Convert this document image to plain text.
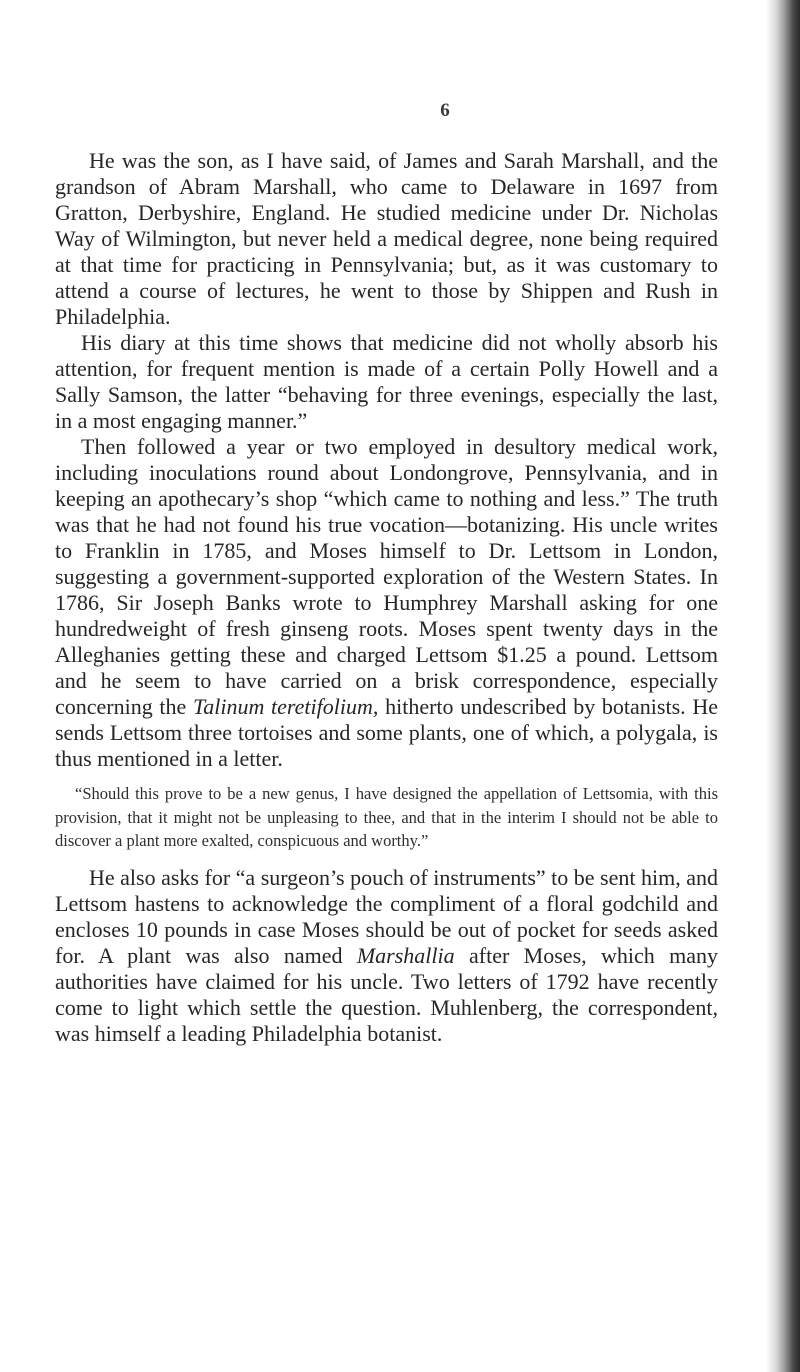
6

He was the son, as I have said, of James and Sarah Marshall, and the grandson of Abram Marshall, who came to Delaware in 1697 from Gratton, Derbyshire, England. He studied medicine under Dr. Nicholas Way of Wilmington, but never held a medical degree, none being required at that time for practicing in Pennsylvania; but, as it was customary to attend a course of lectures, he went to those by Shippen and Rush in Philadelphia.

His diary at this time shows that medicine did not wholly absorb his attention, for frequent mention is made of a certain Polly Howell and a Sally Samson, the latter “behaving for three evenings, especially the last, in a most engaging manner.”

Then followed a year or two employed in desultory medical work, including inoculations round about Londongrove, Pennsylvania, and in keeping an apothecary’s shop “which came to nothing and less.” The truth was that he had not found his true vocation—botanizing. His uncle writes to Franklin in 1785, and Moses himself to Dr. Lettsom in London, suggesting a government-supported exploration of the Western States. In 1786, Sir Joseph Banks wrote to Humphrey Marshall asking for one hundredweight of fresh ginseng roots. Moses spent twenty days in the Alleghanies getting these and charged Lettsom $1.25 a pound. Lettsom and he seem to have carried on a brisk correspondence, especially concerning the Talinum teretifolium, hitherto undescribed by botanists. He sends Lettsom three tortoises and some plants, one of which, a polygala, is thus mentioned in a letter.

“Should this prove to be a new genus, I have designed the appellation of Lettsomia, with this provision, that it might not be unpleasing to thee, and that in the interim I should not be able to discover a plant more exalted, conspicuous and worthy.”

He also asks for “a surgeon’s pouch of instruments” to be sent him, and Lettsom hastens to acknowledge the compliment of a floral godchild and encloses 10 pounds in case Moses should be out of pocket for seeds asked for. A plant was also named Marshallia after Moses, which many authorities have claimed for his uncle. Two letters of 1792 have recently come to light which settle the question. Muhlenberg, the correspondent, was himself a leading Philadelphia botanist.
